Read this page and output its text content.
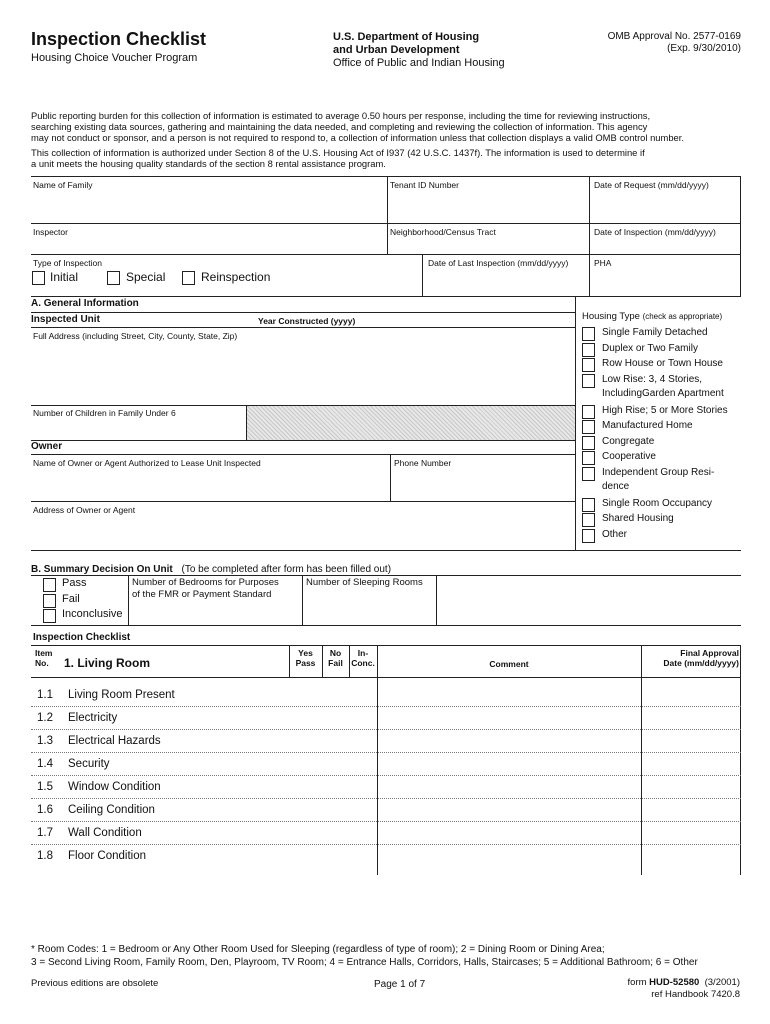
Inspection Checklist
Housing Choice Voucher Program
U.S. Department of Housing
and Urban Development
Office of Public and Indian Housing
OMB Approval No. 2577-0169
(Exp. 9/30/2010)
Public reporting burden for this collection of information is estimated to average 0.50 hours per response, including the time for reviewing instructions,
searching existing data sources, gathering and maintaining the data needed, and completing and reviewing the collection of information. This agency
may not conduct or sponsor, and a person is not required to respond to, a collection of information unless that collection displays a valid OMB control number.
This collection of information is authorized under Section 8 of the U.S. Housing Act of I937 (42 U.S.C. 1437f). The information is used to determine if
a unit meets the housing quality standards of the section 8 rental assistance program.
Name of Family	Tenant ID Number	Date of Request (mm/dd/yyyy)
Inspector	Neighborhood/Census Tract	Date of Inspection (mm/dd/yyyy)
Type of Inspection	Date of Last Inspection (mm/dd/yyyy)	PHA
Initial	Special	Reinspection
A. General Information
Inspected Unit	Year Constructed (yyyy)
Full Address (including Street, City, County, State, Zip)
Number of Children in Family Under 6
Owner
Name of Owner or Agent Authorized to Lease Unit Inspected	Phone Number
Address of Owner or Agent
Housing Type (check as appropriate)
Single Family Detached
Duplex or Two Family
Row House or Town House
Low Rise: 3, 4 Stories,
IncludingGarden Apartment
High Rise; 5 or More Stories
Manufactured Home
Congregate
Cooperative
Independent Group Resi-
dence
Single Room Occupancy
Shared Housing
Other
B. Summary Decision On Unit (To be completed after form has been filled out)
Pass
Fail
Inconclusive
Number of Bedrooms for Purposes
of the FMR or Payment Standard
Number of Sleeping Rooms
Inspection Checklist
Item
No.	1. Living Room
Yes
Pass
No
Fail
In-
Conc.	Comment
Final Approval
Date (mm/dd/yyyy)
1.1 Living Room Present
1.2 Electricity
1.3 Electrical Hazards
1.4 Security
1.5 Window Condition
1.6 Ceiling Condition
1.7 Wall Condition
1.8 Floor Condition
* Room Codes: 1 = Bedroom or Any Other Room Used for Sleeping (regardless of type of room); 2 = Dining Room or Dining Area;
3 = Second Living Room, Family Room, Den, Playroom, TV Room; 4 = Entrance Halls, Corridors, Halls, Staircases; 5 = Additional Bathroom; 6 = Other
Previous editions are obsolete	Page 1 of 7	form HUD-52580  (3/2001)
ref Handbook 7420.8
